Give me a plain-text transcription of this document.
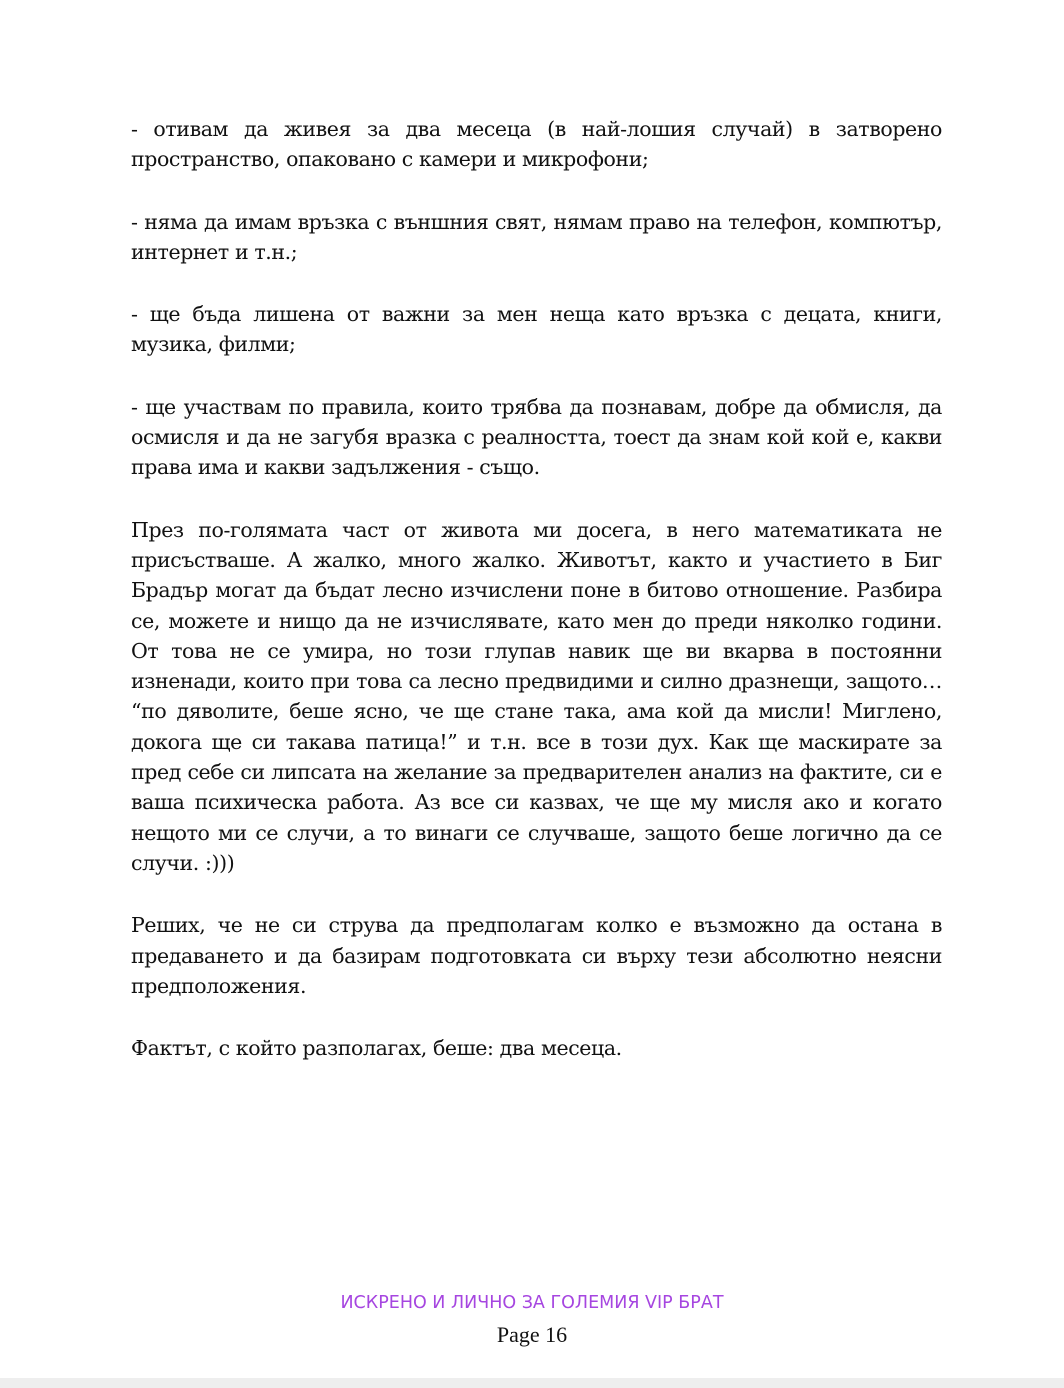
- отивам да живея за два месеца (в най-лошия случай) в затворено пространство, опаковано с камери и микрофони;

- няма да имам връзка с външния свят, нямам право на телефон, компютър, интернет и т.н.;

- ще бъда лишена от важни за мен неща като връзка с децата, книги, музика, филми;

- ще участвам по правила, които трябва да познавам, добре да обмисля, да осмисля и да не загубя вразка с реалността, тоест да знам кой кой е, какви права има и какви задължения - също.

През по-голямата част от живота ми досега, в него математиката не присъстваше. А жалко, много жалко. Животът, както и участието в Биг Брадър могат да бъдат лесно изчислени поне в битово отношение. Разбира се, можете и нищо да не изчислявате, като мен до преди няколко години. От това не се умира, но този глупав навик ще ви вкарва в постоянни изненади, които при това са лесно предвидими и силно дразнещи, защото… “по дяволите, беше ясно, че ще стане така, ама кой да мисли! Миглено, докога ще си такава патица!” и т.н. все в този дух. Как ще маскирате за пред себе си липсата на желание за предварителен анализ на фактите, си е ваша психическа работа. Аз все си казвах, че ще му мисля ако и когато нещото ми се случи, а то винаги се случваше, защото беше логично да се случи. :)))

Реших, че не си струва да предполагам колко е възможно да остана в предаването и да базирам подготовката си върху тези абсолютно неясни предположения.

Фактът, с който разполагах, беше: два месеца.

ИСКРЕНО И ЛИЧНО ЗА ГОЛЕМИЯ VIP БРАТ
Page 16
